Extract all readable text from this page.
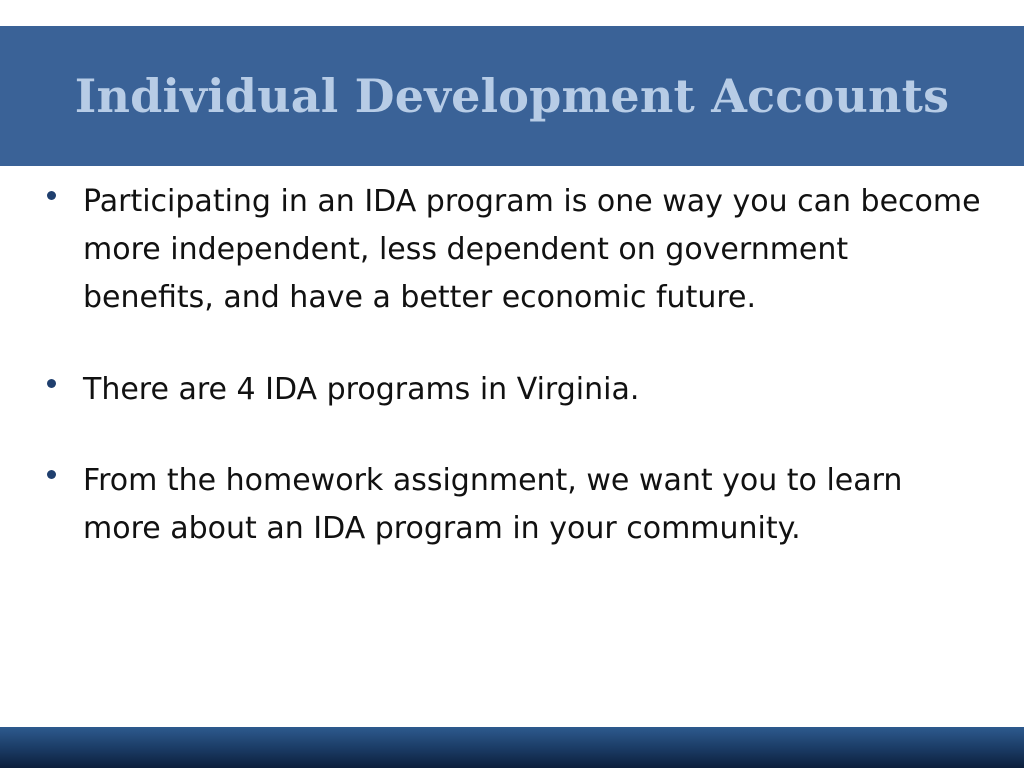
Individual Development Accounts
Participating in an IDA program is one way you can become more independent, less dependent on government benefits, and have a better economic future.
There are 4 IDA programs in Virginia.
From the homework assignment, we want you to learn more about an IDA program in your community.
